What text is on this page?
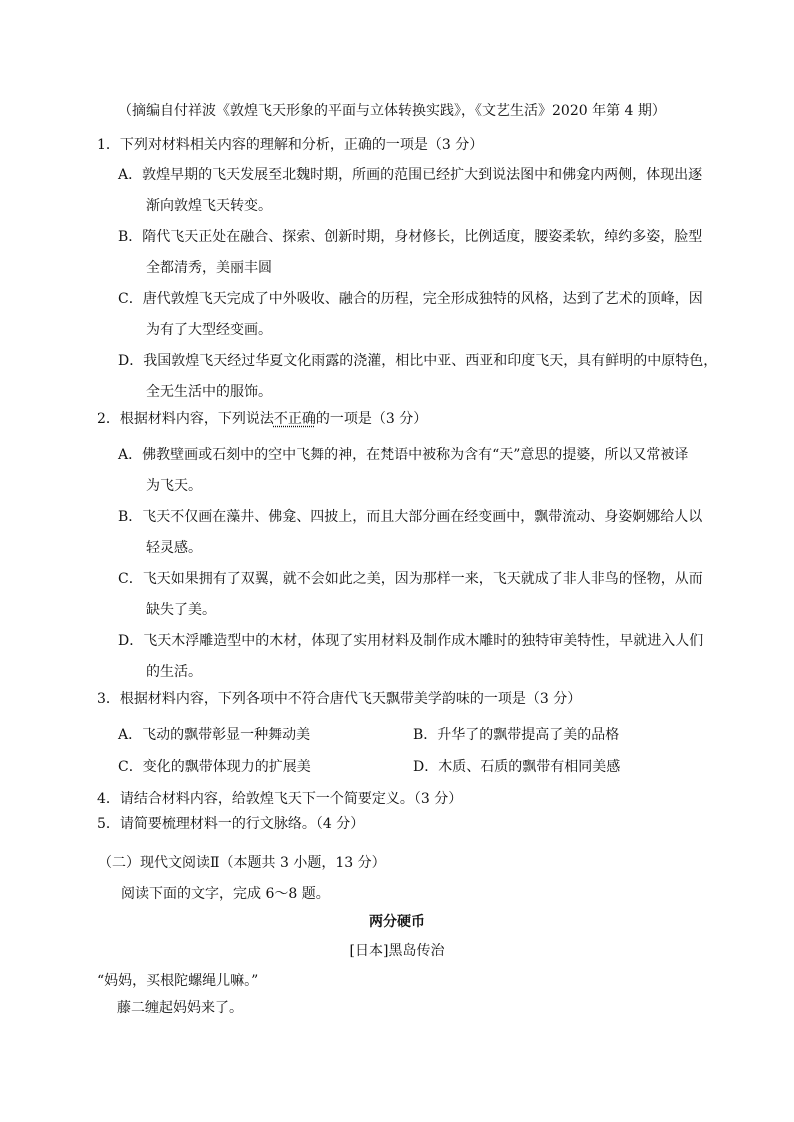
（摘编自付祥波《敦煌飞天形象的平面与立体转换实践》，《文艺生活》2020 年第 4 期）
1．下列对材料相关内容的理解和分析，正确的一项是（3 分）
A．敦煌早期的飞天发展至北魏时期，所画的范围已经扩大到说法图中和佛龛内两侧，体现出逐
渐向敦煌飞天转变。
B．隋代飞天正处在融合、探索、创新时期，身材修长，比例适度，腰姿柔软，绰约多姿，脸型
全都清秀，美丽丰圆
C．唐代敦煌飞天完成了中外吸收、融合的历程，完全形成独特的风格，达到了艺术的顶峰，因
为有了大型经变画。
D．我国敦煌飞天经过华夏文化雨露的浇灌，相比中亚、西亚和印度飞天，具有鲜明的中原特色，
全无生活中的服饰。
2．根据材料内容，下列说法不正确的一项是（3 分）
A．佛教壁画或石刻中的空中飞舞的神，在梵语中被称为含有“天”意思的提婆，所以又常被译
为飞天。
B．飞天不仅画在藻井、佛龛、四披上，而且大部分画在经变画中，飘带流动、身姿婀娜给人以
轻灵感。
C．飞天如果拥有了双翼，就不会如此之美，因为那样一来，飞天就成了非人非鸟的怪物，从而
缺失了美。
D．飞天木浮雕造型中的木材，体现了实用材料及制作成木雕时的独特审美特性，早就进入人们
的生活。
3．根据材料内容，下列各项中不符合唐代飞天飘带美学韵味的一项是（3 分）
A．飞动的飘带彰显一种舞动美	B．升华了的飘带提高了美的品格
C．变化的飘带体现力的扩展美	D．木质、石质的飘带有相同美感
4．请结合材料内容，给敦煌飞天下一个简要定义。（3 分）
5．请简要梳理材料一的行文脉络。（4 分）
（二）现代文阅读Ⅱ（本题共 3 小题，13 分）
阅读下面的文字，完成 6～8 题。
两分硬币
[日本]黑岛传治
“妈妈，买根陀螺绳儿嘛。”
藤二缠起妈妈来了。
